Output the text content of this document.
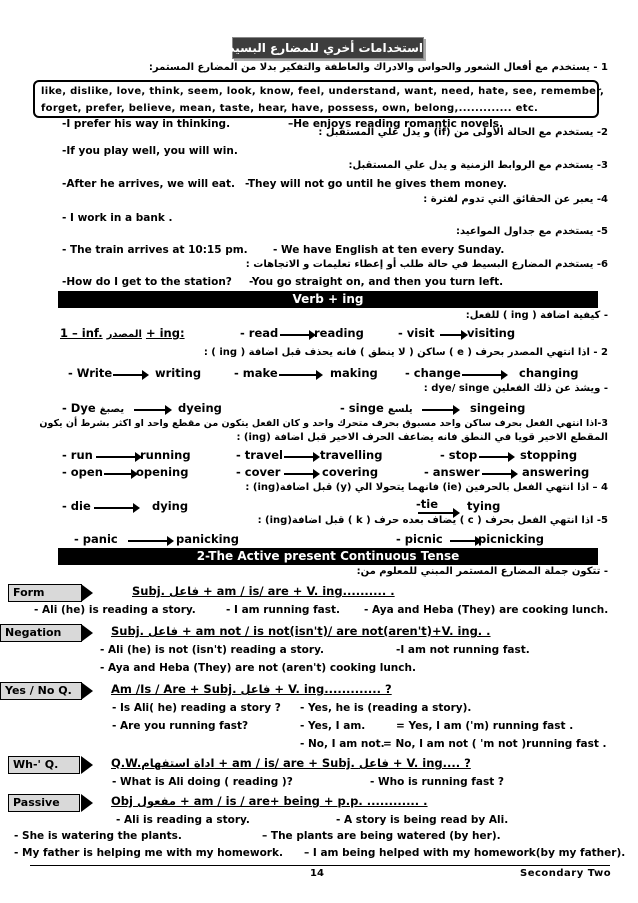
استخدامات أخري للمضارع البسيط
1 - يستخدم مع أفعال الشعور والحواس والادراك والعاطفة والتفكير بدلا من المضارع المستمر:
like, dislike, love, think, seem, look, know, feel, understand, want, need, hate, see, remember,
forget, prefer, believe, mean, taste, hear, have, possess, own, belong,............. etc.
-I prefer his way in thinking.	–He enjoys reading romantic novels.
2- يستخدم مع الحالة الأولى من (if) و يدل علي المستقبل :
-If you play well, you will win.
3- يستخدم مع الروابط الزمنية و يدل علي المستقبل:
-After he arrives, we will eat. -They will not go until he gives them money.
4- يعبر عن الحقائق التي تدوم لفترة :
- I work in a bank .
5- يستخدم مع جداول المواعيد:
- The train arrives at 10:15 pm. - We have English at ten every Sunday.
6- يستخدم المضارع البسيط في حالة طلب أو إعطاء تعليمات و الاتجاهات :
-How do I get to the station? -You go straight on, and then you turn left.
Verb + ing
- كيفية اضافة ( ing ) للفعل:
1 – inf. المصدر + ing:	- read	reading	- visit	visiting
2 - اذا انتهي المصدر بحرف ( e ) ساكن ( لا ينطق ) فانه يحذف قبل اضافة ( ing ) :
- Write	writing	- make	making - change	changing
- ويشذ عن ذلك الفعلين dye/ singe :
- Dye يصبغ	dyeing	- singe يلسع	singeing
3-اذا انتهي الفعل بحرف ساكن واحد مسبوق بحرف متحرك واحد و كان الفعل يتكون من مقطع واحد او اكثر بشرط أن يكون
المقطع الاخير قويا في النطق فانه يضاعف الحرف الاخير قبل اضافة (ing) :
- run	running	- travel	travelling	- stop	stopping
- open	opening	- cover	covering	- answer	answering
4 – اذا انتهي الفعل بالحرفين (ie) فانهما يتحولا الي (y) قبل اضافة(ing) :
- die	dying	-tie	tying
5- اذا انتهي الفعل بحرف ( c ) يضاف بعده حرف ( k ) قبل اضافة(ing) :
- panic	panicking	- picnic	picnicking
2-The Active present Continuous Tense
- تتكون جملة المضارع المستمر المبني للمعلوم من:
Form	Subj. فاعل + am / is/ are + V. ing.......... .
- Ali (he) is reading a story.	- I am running fast. - Aya and Heba (They) are cooking lunch.
Negation	Subj. فاعل + am not / is not(isn't)/ are not(aren't)+V. ing. .
- Ali (he) is not (isn't) reading a story.	-I am not running fast.
- Aya and Heba (They) are not (aren't) cooking lunch.
Yes / No Q.	Am /Is / Are + Subj. فاعل + V. ing............. ?
- Is Ali( he) reading a story ? - Yes, he is (reading a story).
- Are you running fast?	- Yes, I am.	= Yes, I am ('m) running fast .
- No, I am not.
= No, I am not ( 'm not )running fast .
Wh-' Q.	Q.W.اداة استفهام + am / is/ are + Subj. فاعل + V. ing.... ?
- What is Ali doing ( reading )?	- Who is running fast ?
Passive	Obj مفعول + am / is / are+ being + p.p. ............ .
- Ali is reading a story.	- A story is being read by Ali.
- She is watering the plants.	– The plants are being watered (by her).
- My father is helping me with my homework. – I am being helped with my homework(by my father).
14	Secondary Two
